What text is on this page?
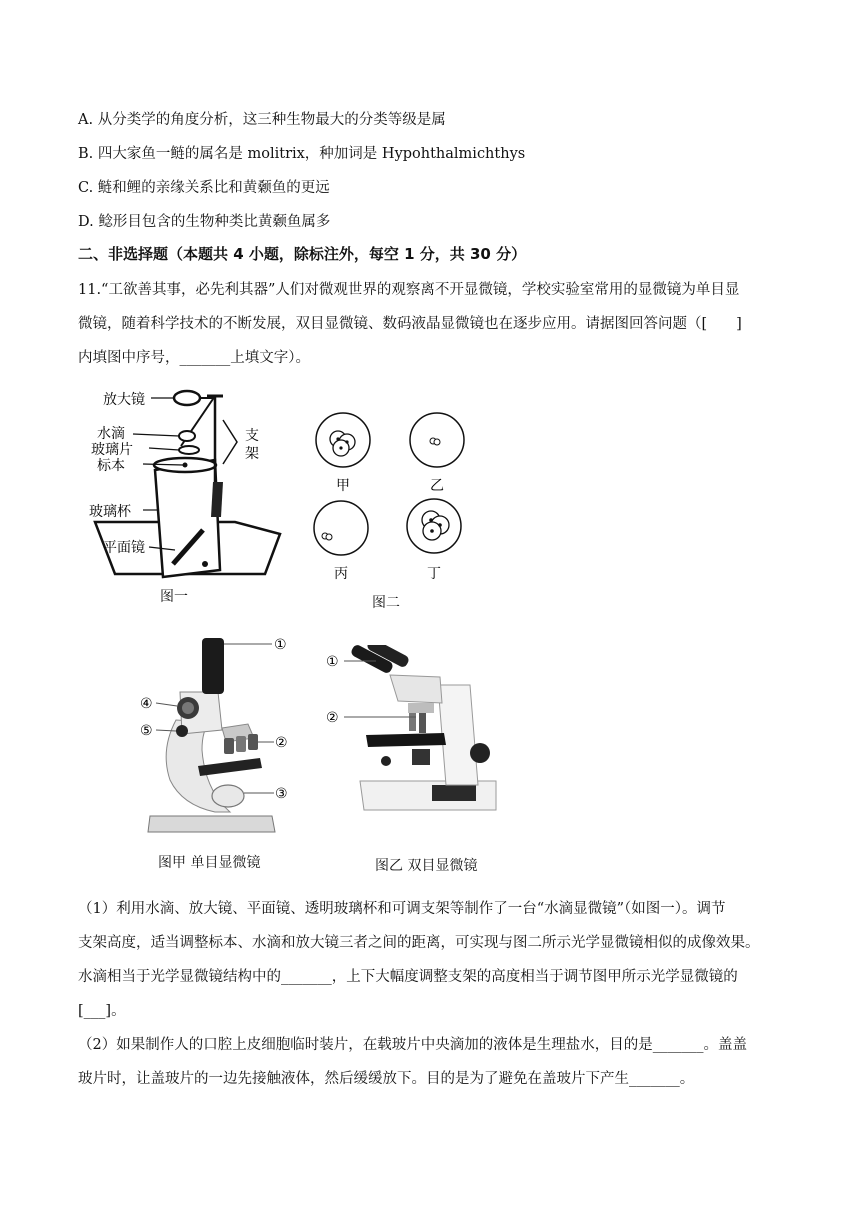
A. 从分类学的角度分析，这三种生物最大的分类等级是属
B. 四大家鱼一鲢的属名是 molitrix，种加词是 Hypohthalmichthys
C. 鲢和鲤的亲缘关系比和黄颡鱼的更远
D. 鲶形目包含的生物种类比黄颡鱼属多
二、非选择题（本题共 4 小题，除标注外，每空 1 分，共 30 分）
11.“工欲善其事，必先利其器”人们对微观世界的观察离不开显微镜，学校实验室常用的显微镜为单目显
微镜，随着科学技术的不断发展，双目显微镜、数码液晶显微镜也在逐步应用。请据图回答问题（[　　]
内填图中序号，_______上填文字）。
放大镜
水滴
玻璃片
标本
玻璃杯
平面镜
支
架
图一
甲	乙
丙	丁
图二
①
②
③
④
⑤
图甲 单目显微镜
①
②
图乙 双目显微镜
（1）利用水滴、放大镜、平面镜、透明玻璃杯和可调支架等制作了一台“水滴显微镜”（如图一）。调节
支架高度，适当调整标本、水滴和放大镜三者之间的距离，可实现与图二所示光学显微镜相似的成像效果。
水滴相当于光学显微镜结构中的_______，上下大幅度调整支架的高度相当于调节图甲所示光学显微镜的
[___]。
（2）如果制作人的口腔上皮细胞临时装片，在载玻片中央滴加的液体是生理盐水，目的是_______。盖盖
玻片时，让盖玻片的一边先接触液体，然后缓缓放下。目的是为了避免在盖玻片下产生_______。
